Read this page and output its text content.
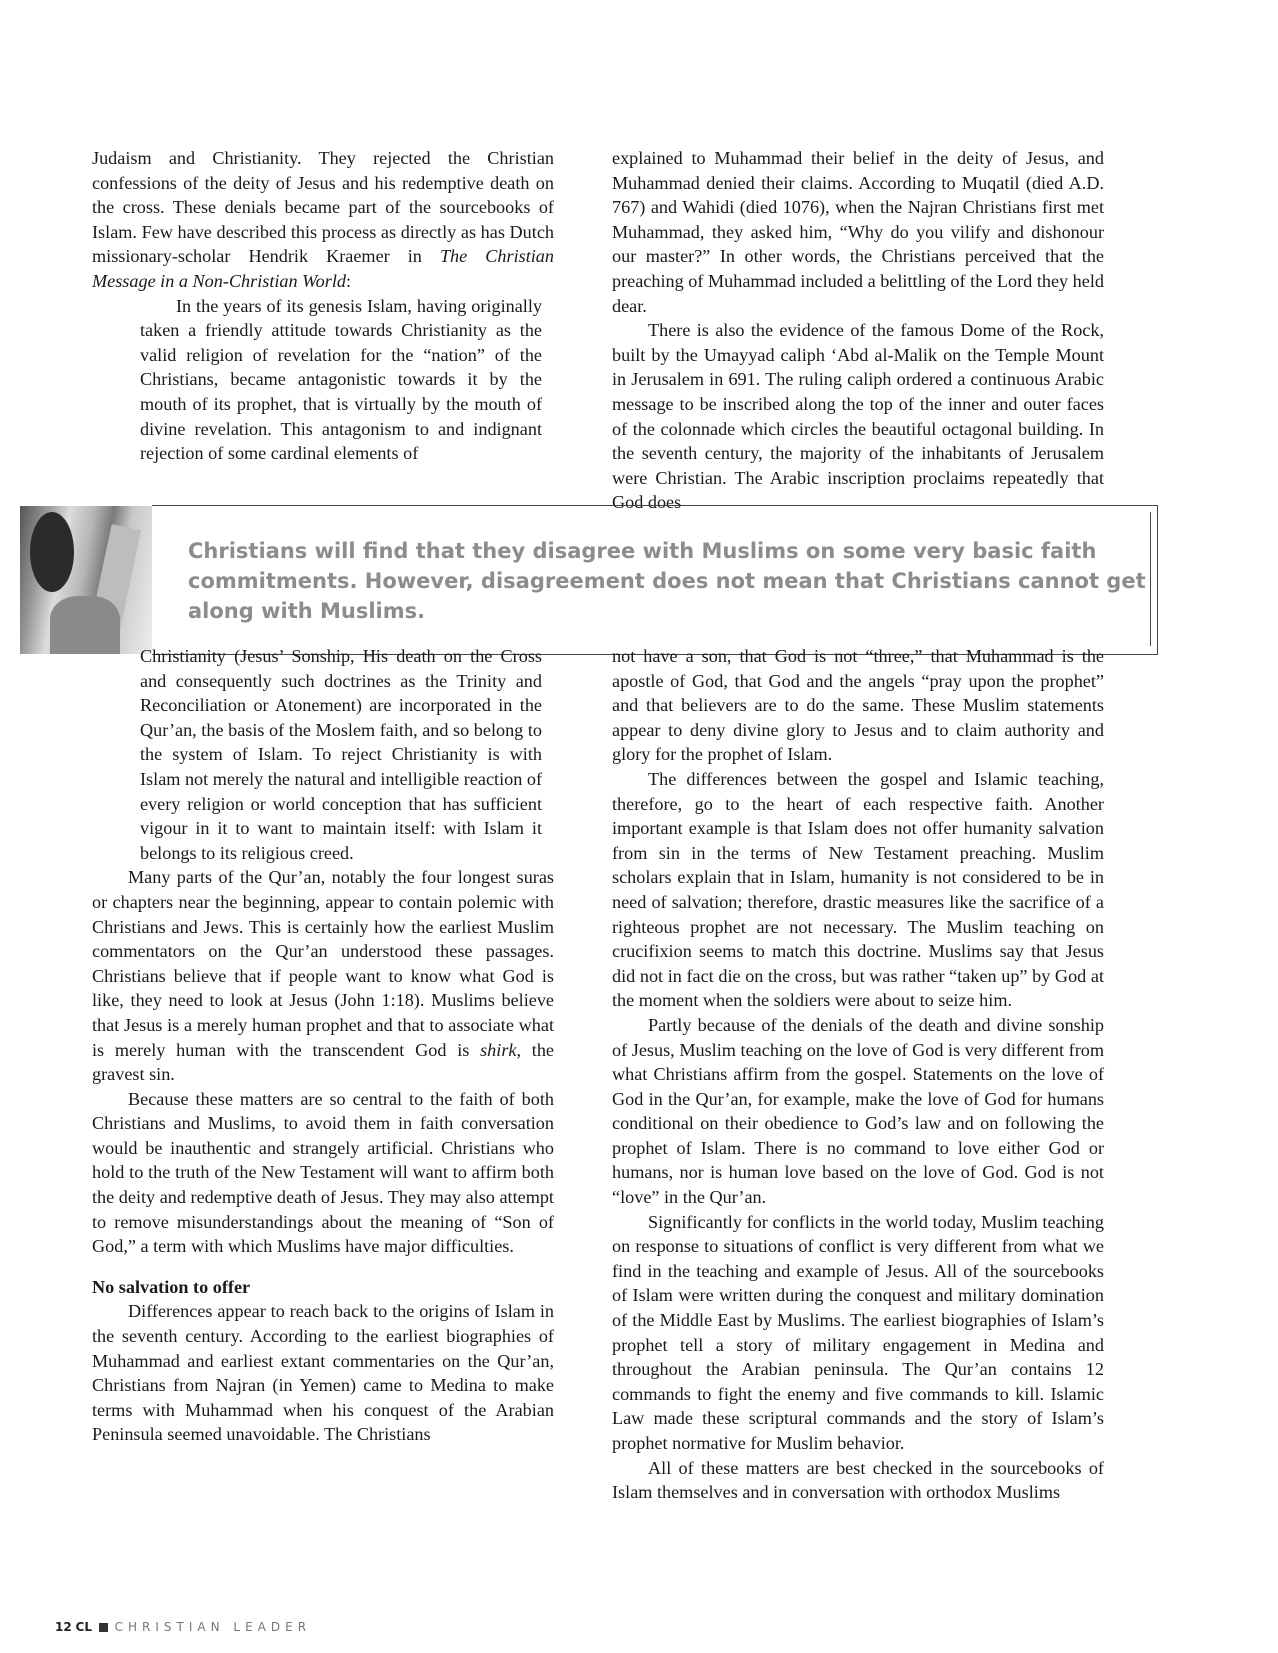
Judaism and Christianity. They rejected the Christian confessions of the deity of Jesus and his redemptive death on the cross. These denials became part of the sourcebooks of Islam. Few have described this process as directly as has Dutch missionary-scholar Hendrik Kraemer in The Christian Message in a Non-Christian World:

In the years of its genesis Islam, having originally taken a friendly attitude towards Christianity as the valid religion of revelation for the “nation” of the Christians, became antagonistic towards it by the mouth of its prophet, that is virtually by the mouth of divine revelation. This antagonism to and indignant rejection of some cardinal elements of

explained to Muhammad their belief in the deity of Jesus, and Muhammad denied their claims. According to Muqatil (died A.D. 767) and Wahidi (died 1076), when the Najran Christians first met Muhammad, they asked him, “Why do you vilify and dishonour our master?” In other words, the Christians perceived that the preaching of Muhammad included a belittling of the Lord they held dear.

There is also the evidence of the famous Dome of the Rock, built by the Umayyad caliph ‘Abd al-Malik on the Temple Mount in Jerusalem in 691. The ruling caliph ordered a continuous Arabic message to be inscribed along the top of the inner and outer faces of the colonnade which circles the beautiful octagonal building. In the seventh century, the majority of the inhabitants of Jerusalem were Christian. The Arabic inscription proclaims repeatedly that God does

Christians will find that they disagree with Muslims on some very basic faith commitments. However, disagreement does not mean that Christians cannot get along with Muslims.

Christianity (Jesus’ Sonship, His death on the Cross and consequently such doctrines as the Trinity and Reconciliation or Atonement) are incorporated in the Qur’an, the basis of the Moslem faith, and so belong to the system of Islam. To reject Christianity is with Islam not merely the natural and intelligible reaction of every religion or world conception that has sufficient vigour in it to want to maintain itself: with Islam it belongs to its religious creed.

Many parts of the Qur’an, notably the four longest suras or chapters near the beginning, appear to contain polemic with Christians and Jews. This is certainly how the earliest Muslim commentators on the Qur’an understood these passages. Christians believe that if people want to know what God is like, they need to look at Jesus (John 1:18). Muslims believe that Jesus is a merely human prophet and that to associate what is merely human with the transcendent God is shirk, the gravest sin.

Because these matters are so central to the faith of both Christians and Muslims, to avoid them in faith conversation would be inauthentic and strangely artificial. Christians who hold to the truth of the New Testament will want to affirm both the deity and redemptive death of Jesus. They may also attempt to remove misunderstandings about the meaning of “Son of God,” a term with which Muslims have major difficulties.

No salvation to offer

Differences appear to reach back to the origins of Islam in the seventh century. According to the earliest biographies of Muhammad and earliest extant commentaries on the Qur’an, Christians from Najran (in Yemen) came to Medina to make terms with Muhammad when his conquest of the Arabian Peninsula seemed unavoidable. The Christians

not have a son, that God is not “three,” that Muhammad is the apostle of God, that God and the angels “pray upon the prophet” and that believers are to do the same. These Muslim statements appear to deny divine glory to Jesus and to claim authority and glory for the prophet of Islam.

The differences between the gospel and Islamic teaching, therefore, go to the heart of each respective faith. Another important example is that Islam does not offer humanity salvation from sin in the terms of New Testament preaching. Muslim scholars explain that in Islam, humanity is not considered to be in need of salvation; therefore, drastic measures like the sacrifice of a righteous prophet are not necessary. The Muslim teaching on crucifixion seems to match this doctrine. Muslims say that Jesus did not in fact die on the cross, but was rather “taken up” by God at the moment when the soldiers were about to seize him.

Partly because of the denials of the death and divine sonship of Jesus, Muslim teaching on the love of God is very different from what Christians affirm from the gospel. Statements on the love of God in the Qur’an, for example, make the love of God for humans conditional on their obedience to God’s law and on following the prophet of Islam. There is no command to love either God or humans, nor is human love based on the love of God. God is not “love” in the Qur’an.

Significantly for conflicts in the world today, Muslim teaching on response to situations of conflict is very different from what we find in the teaching and example of Jesus. All of the sourcebooks of Islam were written during the conquest and military domination of the Middle East by Muslims. The earliest biographies of Islam’s prophet tell a story of military engagement in Medina and throughout the Arabian peninsula. The Qur’an contains 12 commands to fight the enemy and five commands to kill. Islamic Law made these scriptural commands and the story of Islam’s prophet normative for Muslim behavior.

All of these matters are best checked in the sourcebooks of Islam themselves and in conversation with orthodox Muslims

12 CL CHRISTIAN LEADER
